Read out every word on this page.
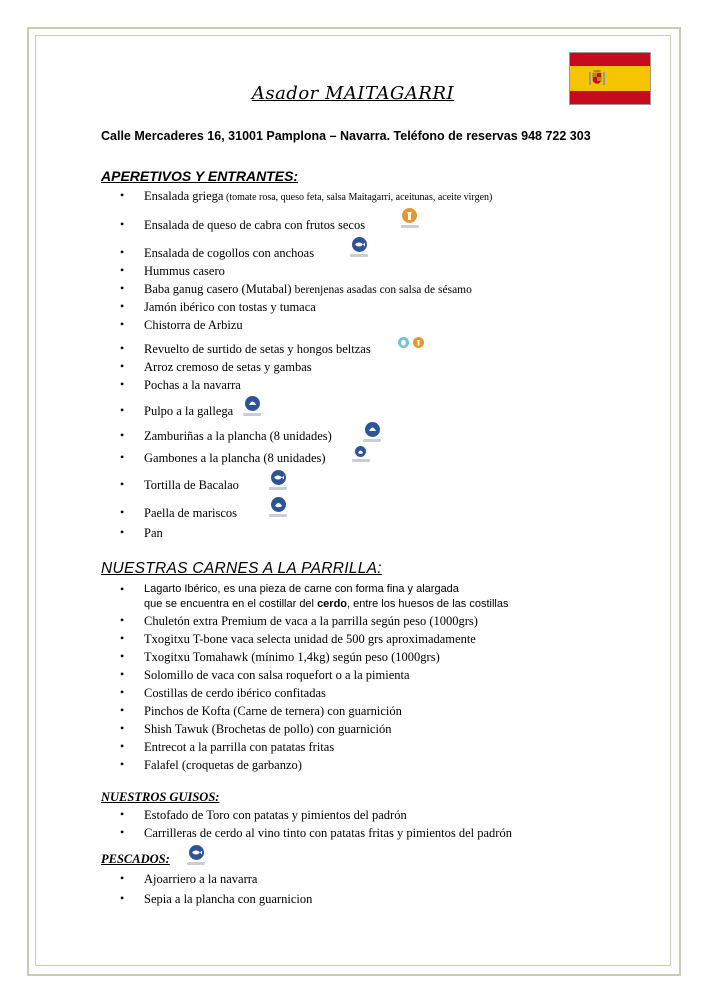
Asador MAITAGARRI
Calle Mercaderes 16, 31001 Pamplona – Navarra. Teléfono de reservas 948 722 303
APERETIVOS Y ENTRANTES:
• Ensalada griega (tomate rosa, queso feta, salsa Maitagarri, aceitunas, aceite virgen)
• Ensalada de queso de cabra con frutos secos
• Ensalada de cogollos con anchoas
• Hummus casero
• Baba ganug casero (Mutabal) berenjenas asadas con salsa de sésamo
• Jamón ibérico con tostas y tumaca
• Chistorra de Arbizu
• Revuelto de surtido de setas y hongos beltzas
• Arroz cremoso de setas y gambas
• Pochas a la navarra
• Pulpo a la gallega
• Zamburiñas a la plancha (8 unidades)
• Gambones a la plancha (8 unidades)
• Tortilla de Bacalao
• Paella de mariscos
• Pan
NUESTRAS CARNES A LA PARRILLA:
• Lagarto Ibérico, es una pieza de carne con forma fina y alargada
que se encuentra en el costillar del cerdo, entre los huesos de las costillas
• Chuletón extra Premium de vaca a la parrilla según peso (1000grs)
• Txogitxu T-bone vaca selecta unidad de 500 grs aproximadamente
• Txogitxu Tomahawk (mínimo 1,4kg) según peso (1000grs)
• Solomillo de vaca con salsa roquefort o a la pimienta
• Costillas de cerdo ibérico confitadas
• Pinchos de Kofta (Carne de ternera) con guarnición
• Shish Tawuk (Brochetas de pollo) con guarnición
• Entrecot a la parrilla con patatas fritas
• Falafel (croquetas de garbanzo)
NUESTROS GUISOS:
• Estofado de Toro con patatas y pimientos del padrón
• Carrilleras de cerdo al vino tinto con patatas fritas y pimientos del padrón
PESCADOS:
• Ajoarriero a la navarra
• Sepia a la plancha con guarnicion
